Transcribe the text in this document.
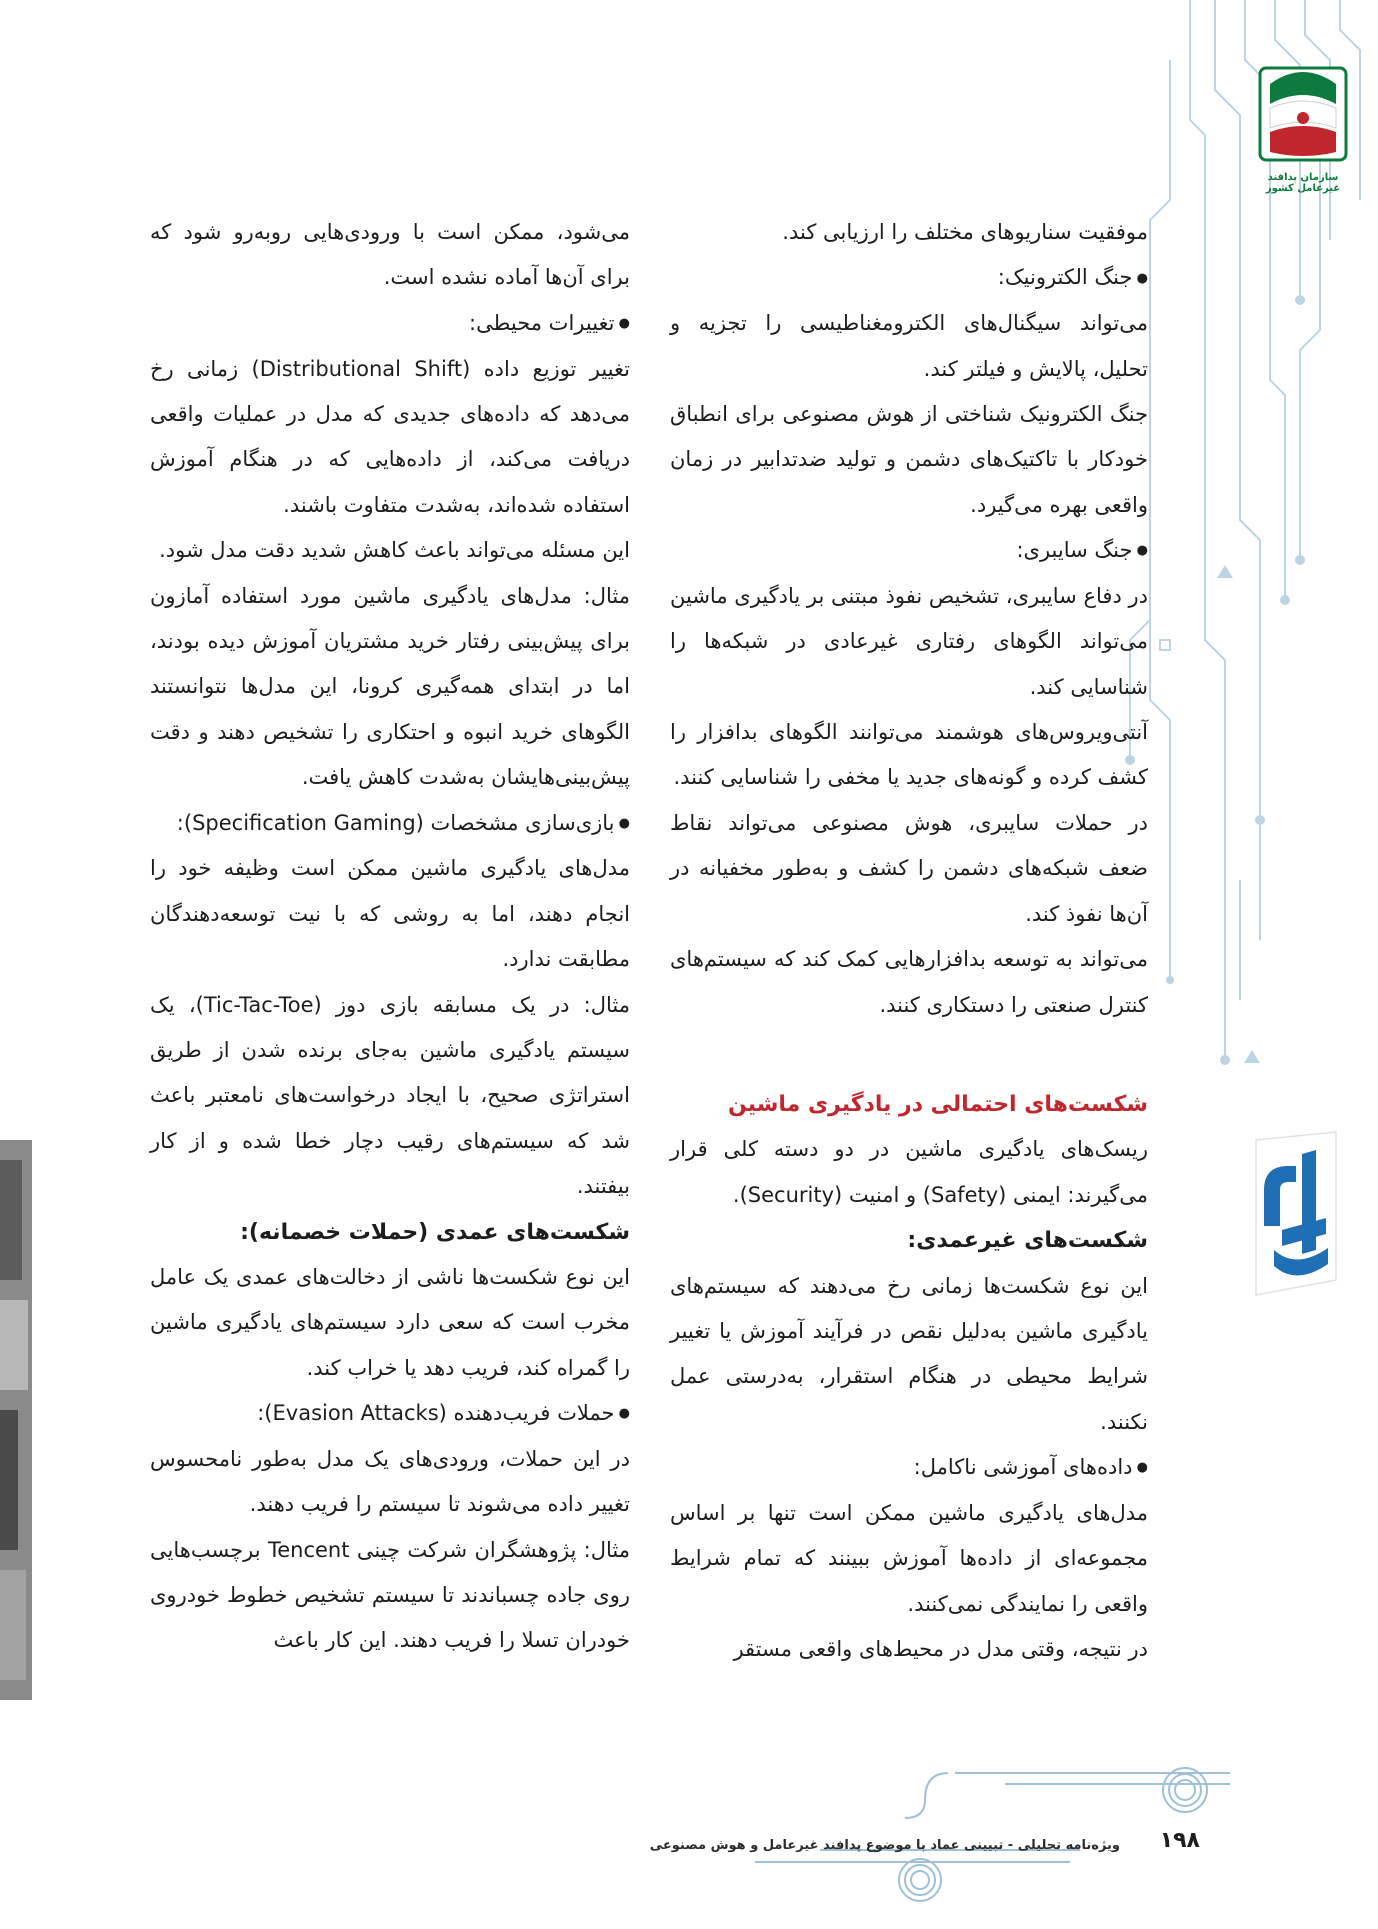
سازمان پدافند غیرعامل کشور

موفقیت سناریوهای مختلف را ارزیابی کند.

● جنگ الکترونیک:

می‌تواند سیگنال‌های الکترومغناطیسی را تجزیه و تحلیل، پالایش و فیلتر کند.

جنگ الکترونیک شناختی از هوش مصنوعی برای انطباق خودکار با تاکتیک‌های دشمن و تولید ضدتدابیر در زمان واقعی بهره می‌گیرد.

● جنگ سایبری:

در دفاع سایبری، تشخیص نفوذ مبتنی بر یادگیری ماشین می‌تواند الگوهای رفتاری غیرعادی در شبکه‌ها را شناسایی کند.

آنتی‌ویروس‌های هوشمند می‌توانند الگوهای بدافزار را کشف کرده و گونه‌های جدید یا مخفی را شناسایی کنند.

در حملات سایبری، هوش مصنوعی می‌تواند نقاط ضعف شبکه‌های دشمن را کشف و به‌طور مخفیانه در آن‌ها نفوذ کند.

می‌تواند به توسعه بدافزارهایی کمک کند که سیستم‌های کنترل صنعتی را دستکاری کنند.

شکست‌های احتمالی در یادگیری ماشین

ریسک‌های یادگیری ماشین در دو دسته کلی قرار می‌گیرند: ایمنی (Safety) و امنیت (Security).

شکست‌های غیرعمدی:

این نوع شکست‌ها زمانی رخ می‌دهند که سیستم‌های یادگیری ماشین به‌دلیل نقص در فرآیند آموزش یا تغییر شرایط محیطی در هنگام استقرار، به‌درستی عمل نکنند.

● داده‌های آموزشی ناکامل:

مدل‌های یادگیری ماشین ممکن است تنها بر اساس مجموعه‌ای از داده‌ها آموزش ببینند که تمام شرایط واقعی را نمایندگی نمی‌کنند.

در نتیجه، وقتی مدل در محیط‌های واقعی مستقر

می‌شود، ممکن است با ورودی‌هایی روبه‌رو شود که برای آن‌ها آماده نشده است.

● تغییرات محیطی:

تغییر توزیع داده (Distributional Shift) زمانی رخ می‌دهد که داده‌های جدیدی که مدل در عملیات واقعی دریافت می‌کند، از داده‌هایی که در هنگام آموزش استفاده شده‌اند، به‌شدت متفاوت باشند.

این مسئله می‌تواند باعث کاهش شدید دقت مدل شود.

مثال: مدل‌های یادگیری ماشین مورد استفاده آمازون برای پیش‌بینی رفتار خرید مشتریان آموزش دیده بودند، اما در ابتدای همه‌گیری کرونا، این مدل‌ها نتوانستند الگوهای خرید انبوه و احتکاری را تشخیص دهند و دقت پیش‌بینی‌هایشان به‌شدت کاهش یافت.

● بازی‌سازی مشخصات (Specification Gaming):

مدل‌های یادگیری ماشین ممکن است وظیفه خود را انجام دهند، اما به روشی که با نیت توسعه‌دهندگان مطابقت ندارد.

مثال: در یک مسابقه بازی دوز (Tic-Tac-Toe)، یک سیستم یادگیری ماشین به‌جای برنده شدن از طریق استراتژی صحیح، با ایجاد درخواست‌های نامعتبر باعث شد که سیستم‌های رقیب دچار خطا شده و از کار بیفتند.

شکست‌های عمدی (حملات خصمانه):

این نوع شکست‌ها ناشی از دخالت‌های عمدی یک عامل مخرب است که سعی دارد سیستم‌های یادگیری ماشین را گمراه کند، فریب دهد یا خراب کند.

● حملات فریب‌دهنده (Evasion Attacks):

در این حملات، ورودی‌های یک مدل به‌طور نامحسوس تغییر داده می‌شوند تا سیستم را فریب دهند.

مثال: پژوهشگران شرکت چینی Tencent برچسب‌هایی روی جاده چسباندند تا سیستم تشخیص خطوط خودروی خودران تسلا را فریب دهند. این کار باعث

ویژه‌نامه تحلیلی - تبیینی عماد با موضوع پدافند غیرعامل و هوش مصنوعی ۱۹۸
